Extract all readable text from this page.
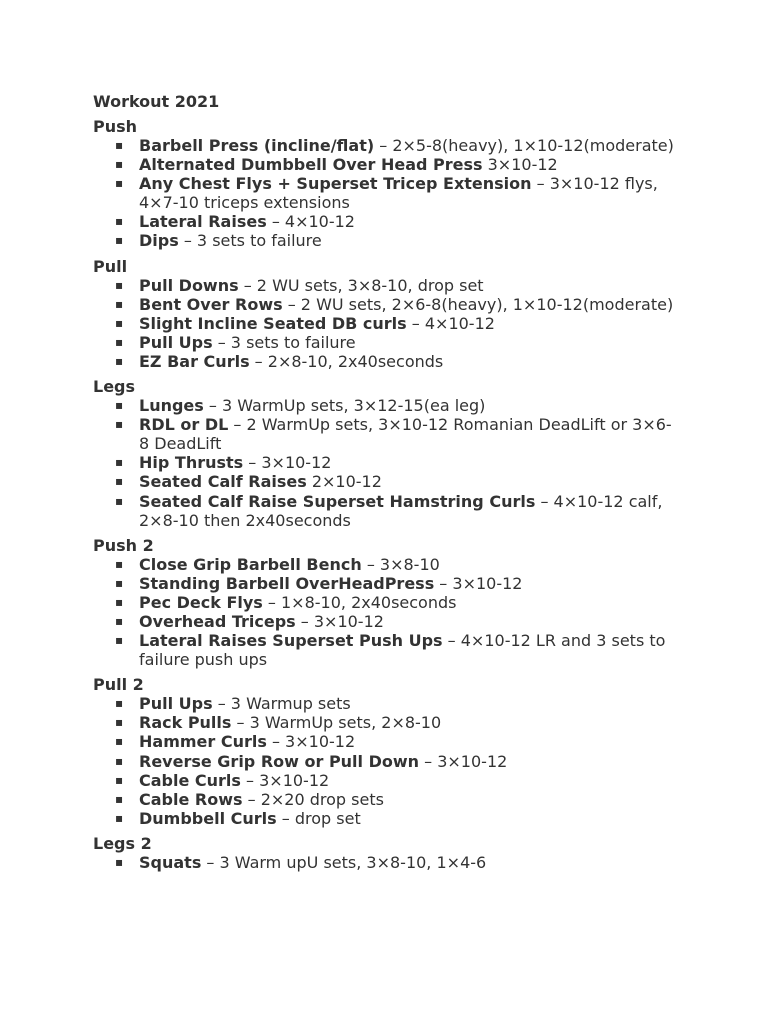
Workout 2021
Push
▪ Barbell Press (incline/flat) – 2×5-8(heavy), 1×10-12(moderate)
▪ Alternated Dumbbell Over Head Press 3×10-12
▪ Any Chest Flys + Superset Tricep Extension – 3×10-12 flys, 4×7-10 triceps extensions
▪ Lateral Raises – 4×10-12
▪ Dips – 3 sets to failure
Pull
▪ Pull Downs – 2 WU sets, 3×8-10, drop set
▪ Bent Over Rows – 2 WU sets, 2×6-8(heavy), 1×10-12(moderate)
▪ Slight Incline Seated DB curls – 4×10-12
▪ Pull Ups – 3 sets to failure
▪ EZ Bar Curls – 2×8-10, 2x40seconds
Legs
▪ Lunges – 3 WarmUp sets, 3×12-15(ea leg)
▪ RDL or DL – 2 WarmUp sets, 3×10-12 Romanian DeadLift or 3×6-8 DeadLift
▪ Hip Thrusts – 3×10-12
▪ Seated Calf Raises 2×10-12
▪ Seated Calf Raise Superset Hamstring Curls – 4×10-12 calf, 2×8-10 then 2x40seconds
Push 2
▪ Close Grip Barbell Bench – 3×8-10
▪ Standing Barbell OverHeadPress – 3×10-12
▪ Pec Deck Flys – 1×8-10, 2x40seconds
▪ Overhead Triceps – 3×10-12
▪ Lateral Raises Superset Push Ups – 4×10-12 LR and 3 sets to failure push ups
Pull 2
▪ Pull Ups – 3 Warmup sets
▪ Rack Pulls – 3 WarmUp sets, 2×8-10
▪ Hammer Curls – 3×10-12
▪ Reverse Grip Row or Pull Down – 3×10-12
▪ Cable Curls – 3×10-12
▪ Cable Rows – 2×20 drop sets
▪ Dumbbell Curls – drop set
Legs 2
▪ Squats – 3 Warm upU sets, 3×8-10, 1×4-6
